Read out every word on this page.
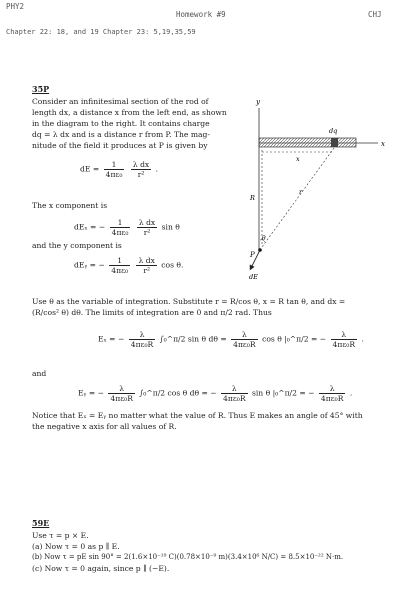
PHY2
Homework #9	CHJ
Chapter 22: 18, and 19 Chapter 23: 5,19,35,59
35P
Consider an infinitesimal section of the rod of
length dx, a distance x from the left end, as shown
in the diagram to the right. It contains charge
dq = λ dx and is a distance r from P. The mag-
nitude of the field it produces at P is given by
dE = $\frac{1}{\text{4πε₀}}$
$\frac{\text{λ dx}}{\text{r²}}$ .
The x component is
dEₓ = − $\frac{1}{\text{4πε₀}}$
$\frac{\text{λ dx}}{\text{r²}}$ sin θ
and the y component is
dEᵧ = − $\frac{1}{\text{4πε₀}}$
$\frac{\text{λ dx}}{\text{r²}}$ cos θ.
Use θ as the variable of integration. Substitute r = R/cos θ, x = R tan θ, and dx =
(R/cos² θ) dθ. The limits of integration are 0 and π/2 rad. Thus
Eₓ = − $\frac{\lambda}{\text{4πε₀R}}$ ∫₀^π/2 sin θ $d\theta = \frac{\lambda}{\text{4πε₀R}}$ cos θ |₀^π/2 = − $\frac{\lambda}{\text{4πε₀R}}$ .
and
Eᵧ = − $\frac{\lambda}{\text{4πε₀R}}$ ∫₀^π/2 cos θ dθ = − $\frac{\lambda}{\text{4πε₀R}}$ sin θ |₀^π/2 = − $\frac{\lambda}{\text{4πε₀R}}$ .
Notice that Eₓ = Eᵧ no matter what the value of R. Thus E makes an angle of 45° with
the negative x axis for all values of R.
y
x
dq
x
R
r
θ
P
dE
59E
Use τ = p × E.
(a) Now τ = 0 as p ∥ E.
(b) Now τ = pE sin 90° = 2(1.6×10⁻¹⁹ C)(0.78×10⁻⁹ m)(3.4×10⁶ N/C) = 8.5×10⁻²² N·m.
(c) Now τ = 0 again, since p ∥ (−E).
